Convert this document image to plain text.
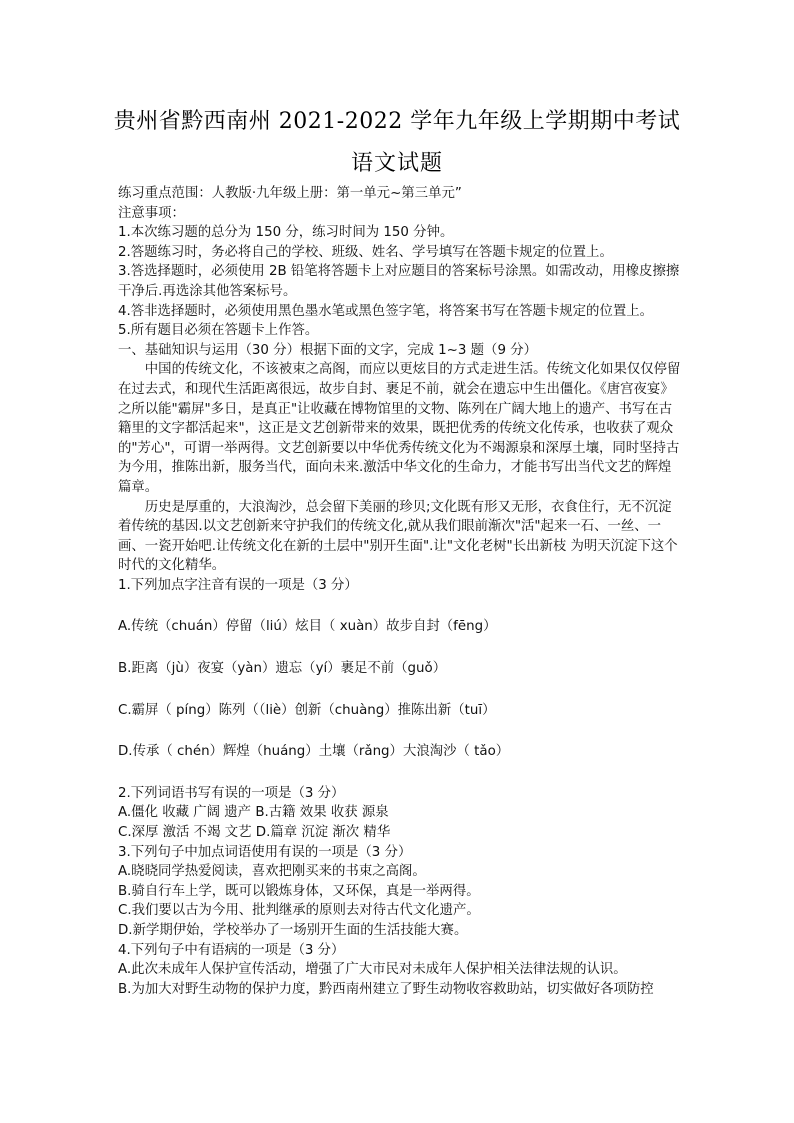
贵州省黔西南州 2021-2022 学年九年级上学期期中考试
语文试题

练习重点范围：人教版·九年级上册：第一单元~第三单元”

注意事项：

1.本次练习题的总分为 150 分，练习时间为 150 分钟。

2.答题练习时，务必将自己的学校、班级、姓名、学号填写在答题卡规定的位置上。

3.答选择题时，必须使用 2B 铅笔将答题卡上对应题目的答案标号涂黑。如需改动，用橡皮擦擦干净后.再选涂其他答案标号。

4.答非选择题时，必须使用黑色墨水笔或黑色签字笔，将答案书写在答题卡规定的位置上。

5.所有题目必须在答题卡上作答。

一、基础知识与运用（30 分）根据下面的文字，完成 1~3 题（9 分）

中国的传统文化，不该被束之高阁，而应以更炫目的方式走进生活。传统文化如果仅仅停留在过去式，和现代生活距离很远，故步自封、裹足不前，就会在遗忘中生出僵化。《唐宫夜宴》之所以能"霸屏"多日，是真正"让收藏在博物馆里的文物、陈列在广阔大地上的遗产、书写在古籍里的文字都活起来"，这正是文艺创新带来的效果，既把优秀的传统文化传承，也收获了观众的"芳心"，可谓一举两得。文艺创新要以中华优秀传统文化为不竭源泉和深厚土壤，同时坚持古为今用，推陈出新，服务当代，面向未来.激活中华文化的生命力，才能书写出当代文艺的辉煌篇章。

历史是厚重的，大浪淘沙，总会留下美丽的珍贝;文化既有形又无形，衣食住行，无不沉淀着传统的基因.以文艺创新来守护我们的传统文化,就从我们眼前渐次"活"起来一石、一丝、一画、一瓷开始吧.让传统文化在新的土层中"别开生面".让"文化老树"长出新枝 为明天沉淀下这个时代的文化精华。

1.下列加点字注音有误的一项是（3 分）

A.传统（chuán）停留（liú）炫目（ xuàn）故步自封（fēng）

B.距离（jù）夜宴（yàn）遗忘（yí）裹足不前（guǒ）

C.霸屏（ píng）陈列（（liè）创新（chuàng）推陈出新（tuī）

D.传承（ chén）辉煌（huáng）土壤（rǎng）大浪淘沙（ tǎo）

2.下列词语书写有误的一项是（3 分）

A.僵化 收藏 广阔 遗产 B.古籍 效果 收获 源泉

C.深厚 激活 不竭 文艺 D.篇章 沉淀 渐次 精华

3.下列句子中加点词语使用有误的一项是（3 分）

A.晓晓同学热爱阅读，喜欢把刚买来的书束之高阁。

B.骑自行车上学，既可以锻炼身体，又环保，真是一举两得。

C.我们要以古为今用、批判继承的原则去对待古代文化遗产。

D.新学期伊始，学校举办了一场别开生面的生活技能大赛。

4.下列句子中有语病的一项是（3 分）

A.此次未成年人保护宣传活动，增强了广大市民对未成年人保护相关法律法规的认识。

B.为加大对野生动物的保护力度，黔西南州建立了野生动物收容救助站，切实做好各项防控
